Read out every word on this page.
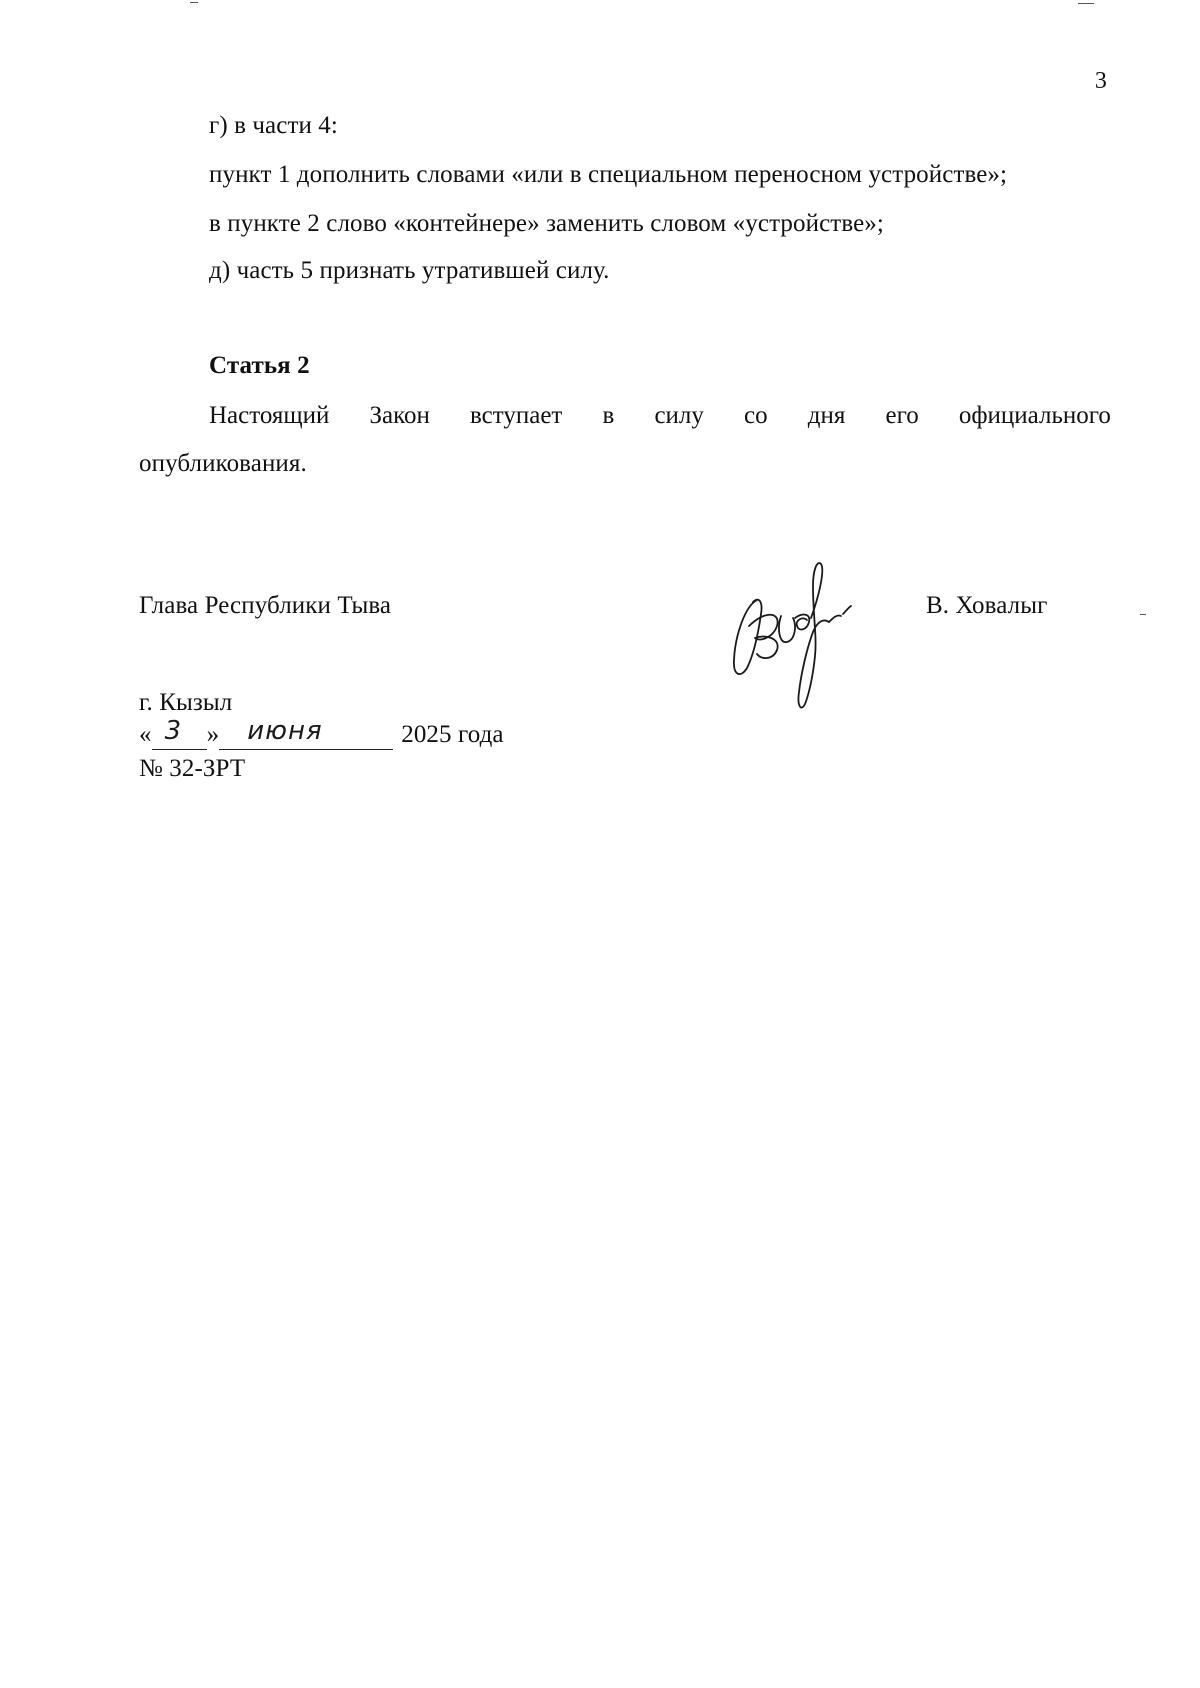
3
г) в части 4:
пункт 1 дополнить словами «или в специальном переносном устройстве»;
в пункте 2 слово «контейнере» заменить словом «устройстве»;
д) часть 5 признать утратившей силу.
Статья 2
Настоящий Закон вступает в силу со дня его официального
опубликования.
Глава Республики Тыва	В. Ховалыг
г. Кызыл
« 3 » июня	2025 года
№ 32-ЗРТ
